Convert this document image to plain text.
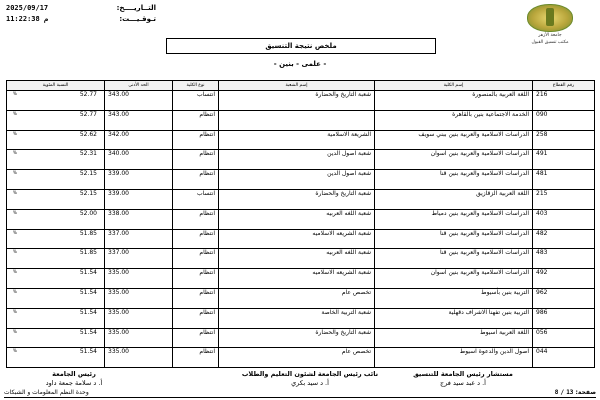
2025/09/17	التــاريــــخ:
م 11:22:38	تـوقـيـــت:
جامعة الأزهر
مكتب تنسيق القبول
ملخص نتيجة التنسيق
- علمى - بنين -
رقم القطاع	إسم الكلية	إسم الشعبة	نوع الكلية	الحد الأدنى	النسبة المئوية
216	اللغة العربية بالمنصورة	شعبة التاريخ والحضارة	انتساب	343.00	% 52.77

090	الخدمة الاجتماعية بنين بالقاهرة		انتظام	343.00	% 52.77

258	الدراسات الاسلامية والعربية بنين ببني سويف	الشريعة الاسلامية	انتظام	342.00	% 52.62

491	الدراسات الاسلامية والعربية بنين اسوان	شعبة اصول الدين	انتظام	340.00	% 52.31

481	الدراسات الاسلامية والعربية بنين قنا	شعبة اصول الدين	انتظام	339.00	% 52.15

215	اللغة العربية الزقازيق	شعبة التاريخ والحضارة	انتساب	339.00	% 52.15

403	الدراسات الاسلامية والعربية بنين دمياط	شعبة اللغه العربيه	انتظام	338.00	% 52.00

482	الدراسات الاسلامية والعربية بنين قنا	شعبة الشريعه الاسلاميه	انتظام	337.00	% 51.85

483	الدراسات الاسلامية والعربية بنين قنا	شعبة اللغه العربيه	انتظام	337.00	% 51.85

492	الدراسات الاسلامية والعربية بنين اسوان	شعبة الشريعه الاسلاميه	انتظام	335.00	% 51.54

962	التربية بنين بأسيوط	تخصص عام	انتظام	335.00	% 51.54

986	التربية بنين تفهنا الاشراف دقهلية	شعبة التربية الخاصة	انتظام	335.00	% 51.54

056	اللغة العربية اسيوط	شعبة التاريخ والحضارة	انتظام	335.00	% 51.54

044	اصول الدين والدعوة اسيوط	تخصص عام	انتظام	335.00	% 51.54
مستشار رئيس الجامعة للتنسيق
أ. د عبد سيد فرج
نائب رئيس الجامعة لشئون التعليم والطلاب
أ. د سيد بكري
رئيس الجامعة
أ. د سلامة جمعة داود
وحدة النظم المعلومات و الشبكات	صفحة: 13 / 8
